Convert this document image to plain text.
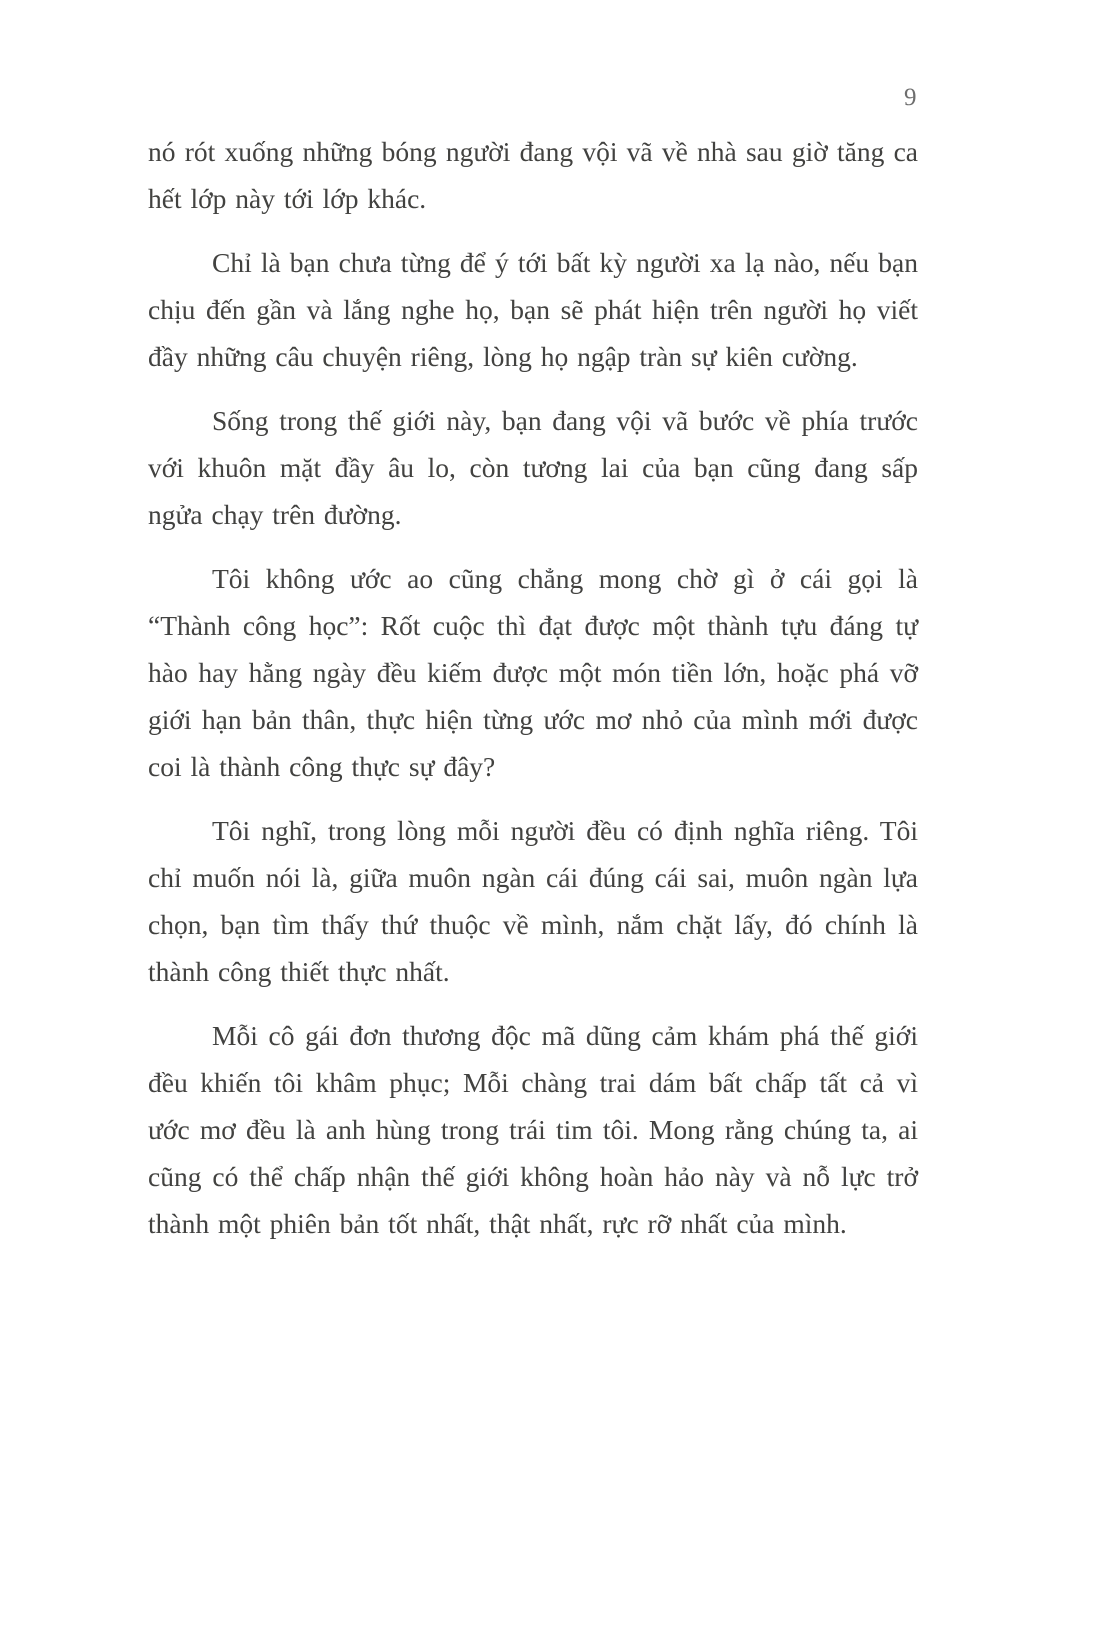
9

nó rót xuống những bóng người đang vội vã về nhà sau giờ tăng ca hết lớp này tới lớp khác.

Chỉ là bạn chưa từng để ý tới bất kỳ người xa lạ nào, nếu bạn chịu đến gần và lắng nghe họ, bạn sẽ phát hiện trên người họ viết đầy những câu chuyện riêng, lòng họ ngập tràn sự kiên cường.

Sống trong thế giới này, bạn đang vội vã bước về phía trước với khuôn mặt đầy âu lo, còn tương lai của bạn cũng đang sấp ngửa chạy trên đường.

Tôi không ước ao cũng chẳng mong chờ gì ở cái gọi là “Thành công học”: Rốt cuộc thì đạt được một thành tựu đáng tự hào hay hằng ngày đều kiếm được một món tiền lớn, hoặc phá vỡ giới hạn bản thân, thực hiện từng ước mơ nhỏ của mình mới được coi là thành công thực sự đây?

Tôi nghĩ, trong lòng mỗi người đều có định nghĩa riêng. Tôi chỉ muốn nói là, giữa muôn ngàn cái đúng cái sai, muôn ngàn lựa chọn, bạn tìm thấy thứ thuộc về mình, nắm chặt lấy, đó chính là thành công thiết thực nhất.

Mỗi cô gái đơn thương độc mã dũng cảm khám phá thế giới đều khiến tôi khâm phục; Mỗi chàng trai dám bất chấp tất cả vì ước mơ đều là anh hùng trong trái tim tôi. Mong rằng chúng ta, ai cũng có thể chấp nhận thế giới không hoàn hảo này và nỗ lực trở thành một phiên bản tốt nhất, thật nhất, rực rỡ nhất của mình.
